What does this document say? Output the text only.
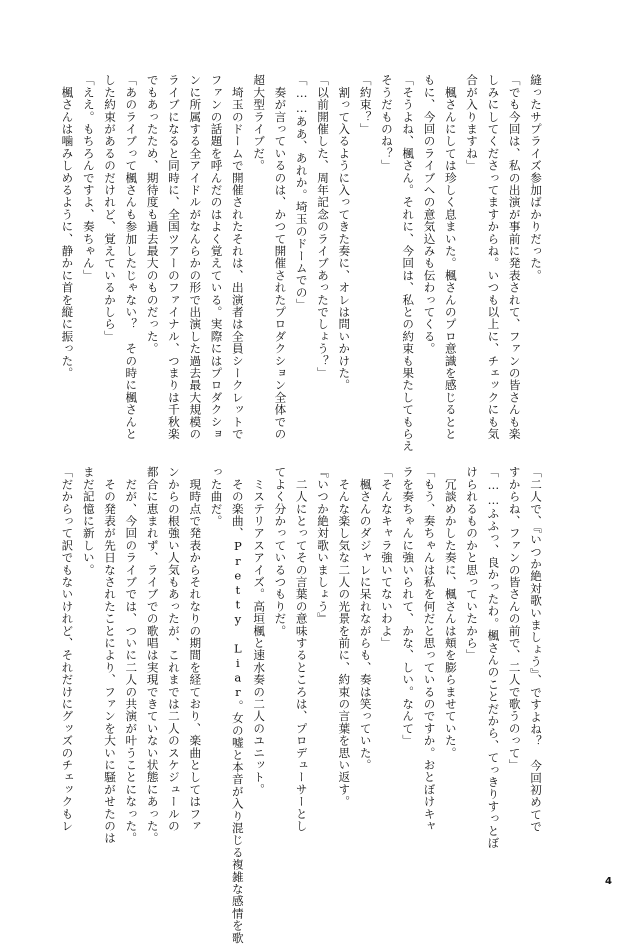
縫ったサプライズ参加ばかりだった。
「でも今回は、私の出演が事前に発表されて、ファンの皆さんも楽
しみにしてくださってますからね。いつも以上に、チェックにも気
合が入りますね」
　楓さんにしては珍しく息まいた。楓さんのプロ意識を感じるとと
もに、今回のライブへの意気込みも伝わってくる。
「そうよね、楓さん。それに、今回は、私との約束も果たしてもらえ
そうだものね？」
「約束？」
　割って入るように入ってきた奏に、オレは問いかけた。
「以前開催した、周年記念のライブあったでしょう？」
「……ああ、あれか。埼玉のドームでの」
　奏が言っているのは、かつて開催されたプロダクション全体での
超大型ライブだ。
　埼玉のドームで開催されたそれは、出演者は全員シークレットで
ファンの話題を呼んだのはよく覚えている。実際にはプロダクショ
ンに所属する全アイドルがなんらかの形で出演した過去最大規模の
ライブになると同時に、全国ツアーのファイナル、つまりは千秋楽
でもあったため、期待度も過去最大のものだった。
「あのライブって楓さんも参加したじゃない？　その時に楓さんと
した約束があるのだけれど、覚えているかしら」
「ええ。もちろんですよ、奏ちゃん」
　楓さんは噛みしめるように、静かに首を縦に振った。
「二人で、『いつか絶対歌いましょう』、ですよね？　今回初めてで
すからね、ファンの皆さんの前で、二人で歌うのって」
「……ふふっ、良かったわ。楓さんのことだから、てっきりすっとぼ
けられるものかと思っていたから」
　冗談めかした奏に、楓さんは頬を膨らませていた。
「もう、奏ちゃんは私を何だと思っているのですか。おとぼけキャ
ラを奏ちゃんに強いられて、かな、しい。なんて」
「そんなキャラ強いてないわよ」
　楓さんのダジャレに呆れながらも、奏は笑っていた。
　そんな楽し気な二人の光景を前に、約束の言葉を思い返す。
『いつか絶対歌いましょう』
　二人にとってその言葉の意味するところは、プロデューサーとし
てよく分かっているつもりだ。
　ミステリアスアイズ。高垣楓と速水奏の二人のユニット。
　その楽曲、Pretty Liar。女の嘘と本音が入り混じる複雑な感情を歌
った曲だ。
　現時点で発表からそれなりの期間を経ており、楽曲としてはファ
ンからの根強い人気もあったが、これまでは二人のスケジュールの
都合に恵まれず、ライブでの歌唱は実現できていない状態にあった。
　だが、今回のライブでは、ついに二人の共演が叶うことになった。
　その発表が先日なされたことにより、ファンを大いに騒がせたのは
まだ記憶に新しい。
「だからって訳でもないけれど、それだけにグッズのチェックもレ
4
